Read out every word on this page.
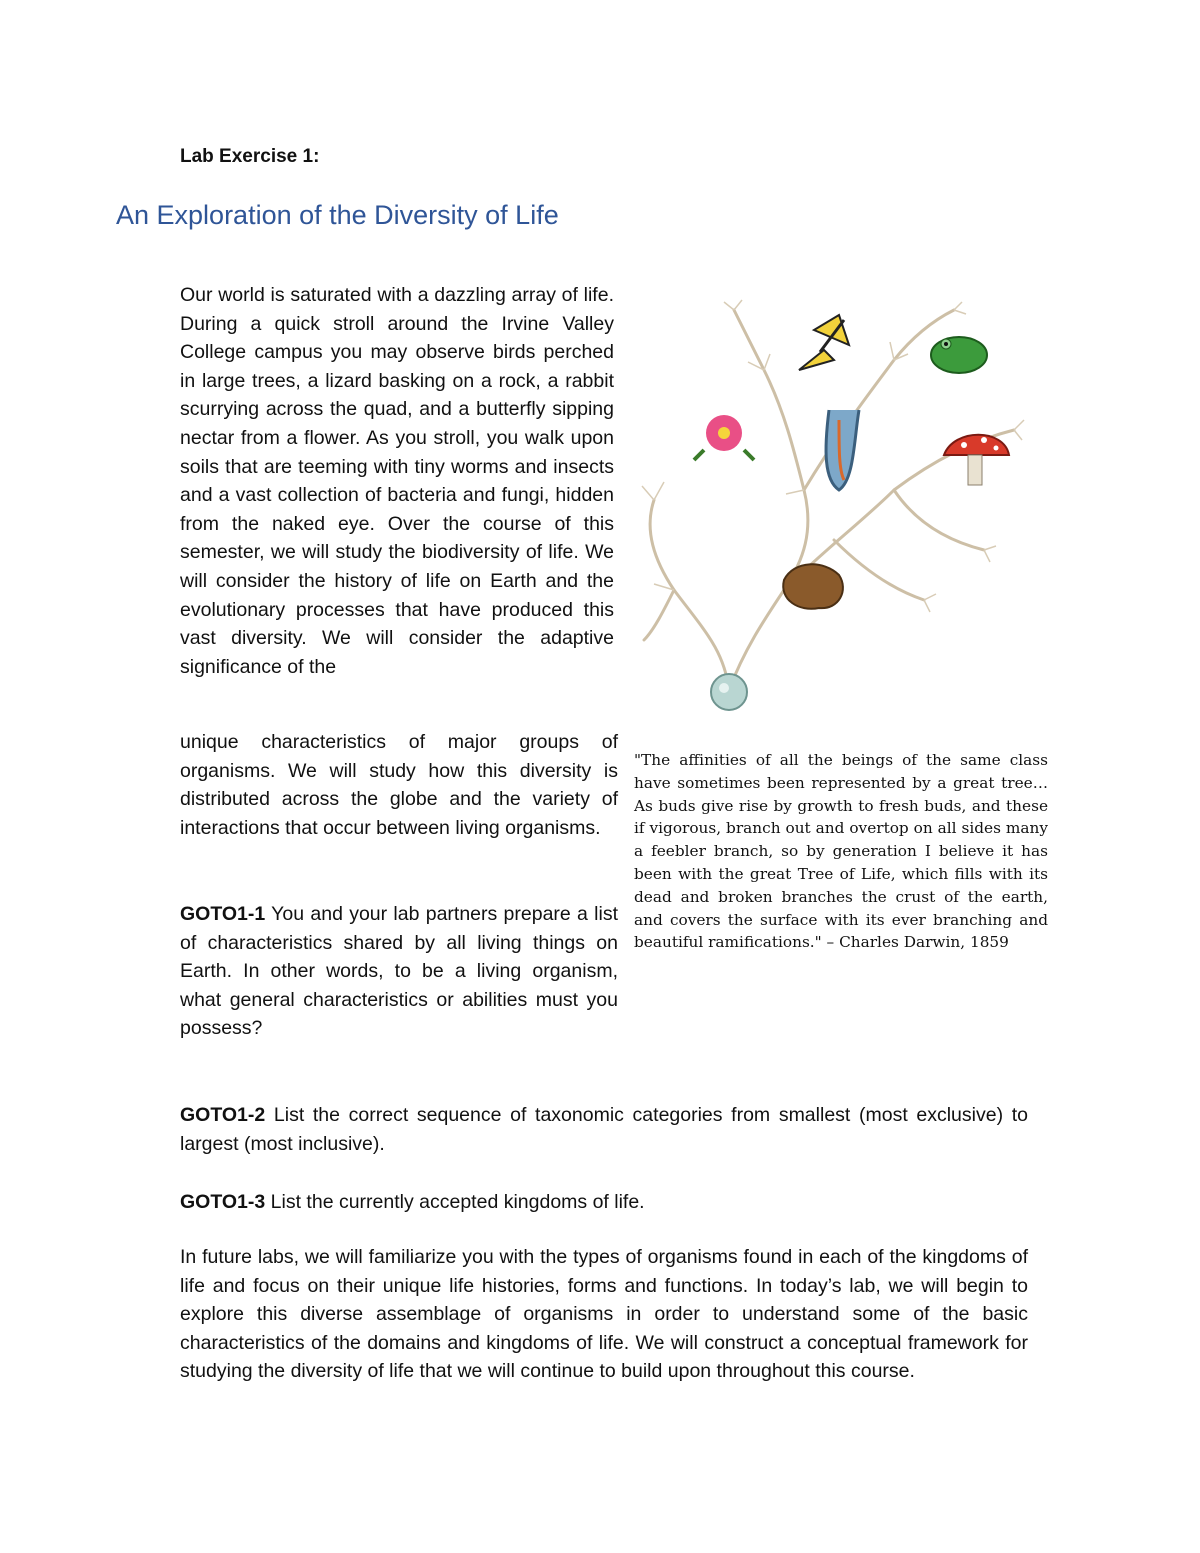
Lab Exercise 1:
An Exploration of the Diversity of Life
Our world is saturated with a dazzling array of life. During a quick stroll around the Irvine Valley College campus you may observe birds perched in large trees, a lizard basking on a rock, a rabbit scurrying across the quad, and a butterfly sipping nectar from a flower. As you stroll, you walk upon soils that are teeming with tiny worms and insects and a vast collection of bacteria and fungi, hidden from the naked eye. Over the course of this semester, we will study the biodiversity of life. We will consider the history of life on Earth and the evolutionary processes that have produced this vast diversity. We will consider the adaptive significance of the
unique characteristics of major groups of organisms. We will study how this diversity is distributed across the globe and the variety of interactions that occur between living organisms.
GOTO1-1 You and your lab partners prepare a list of characteristics shared by all living things on Earth. In other words, to be a living organism, what general characteristics or abilities must you possess?
GOTO1-2 List the correct sequence of taxonomic categories from smallest (most exclusive) to largest (most inclusive).
GOTO1-3 List the currently accepted kingdoms of life.
In future labs, we will familiarize you with the types of organisms found in each of the kingdoms of life and focus on their unique life histories, forms and functions. In today’s lab, we will begin to explore this diverse assemblage of organisms in order to understand some of the basic characteristics of the domains and kingdoms of life. We will construct a conceptual framework for studying the diversity of life that we will continue to build upon throughout this course.
"The affinities of all the beings of the same class have sometimes been represented by a great tree… As buds give rise by growth to fresh buds, and these if vigorous, branch out and overtop on all sides many a feebler branch, so by generation I believe it has been with the great Tree of Life, which fills with its dead and broken branches the crust of the earth, and covers the surface with its ever branching and beautiful ramifications." – Charles Darwin, 1859
